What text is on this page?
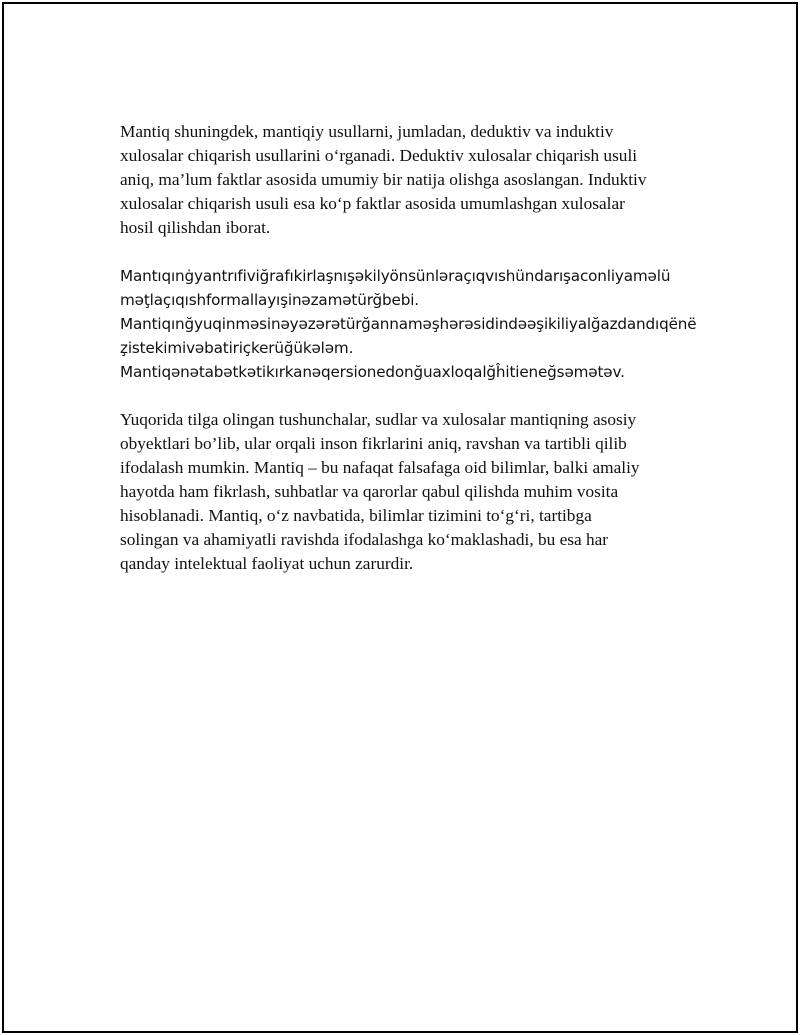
Mantiq shuningdek, mantiqiy usullarni, jumladan, deduktiv va induktiv
xulosalar chiqarish usullarini o‘rganadi. Deduktiv xulosalar chiqarish usuli
aniq, ma’lum faktlar asosida umumiy bir natija olishga asoslangan. Induktiv
xulosalar chiqarish usuli esa ko‘p faktlar asosida umumlashgan xulosalar
hosil qilishdan iborat.

Mantıqınġyantrıfiviğrafıkirlaşnışəkilyönsünləraçıqvıshündarışaconliyaməlü
məţlaçıqıshformallayışinəzamətürğbebi.
Mantiqınğyuqinməsinəyəzərətürğannaməşhərəsidindəəşikiliyalğazdandıqënë
z̧istekimivəbatiriçkerüğükələm.
Mantiqənətabətkətikırkanəqersionedonğuaxloqalğĥitieneğsəmətəv.

Yuqorida tilga olingan tushunchalar, sudlar va xulosalar mantiqning asosiy
obyektlari bo’lib, ular orqali inson fikrlarini aniq, ravshan va tartibli qilib
ifodalash mumkin. Mantiq – bu nafaqat falsafaga oid bilimlar, balki amaliy
hayotda ham fikrlash, suhbatlar va qarorlar qabul qilishda muhim vosita
hisoblanadi. Mantiq, o‘z navbatida, bilimlar tizimini to‘g‘ri, tartibga
solingan va ahamiyatli ravishda ifodalashga ko‘maklashadi, bu esa har
qanday intelektual faoliyat uchun zarurdir.
